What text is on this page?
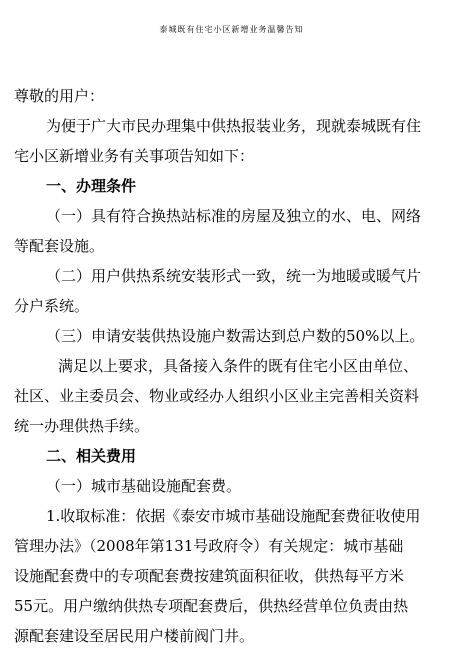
泰城既有住宅小区新增业务温馨告知
尊敬的用户：
为便于广大市民办理集中供热报装业务，现就泰城既有住
宅小区新增业务有关事项告知如下：
一、办理条件
（一）具有符合换热站标准的房屋及独立的水、电、网络
等配套设施。
（二）用户供热系统安装形式一致，统一为地暖或暖气片
分户系统。
（三）申请安装供热设施户数需达到总户数的50%以上。
满足以上要求，具备接入条件的既有住宅小区由单位、
社区、业主委员会、物业或经办人组织小区业主完善相关资料
统一办理供热手续。
二、相关费用
（一）城市基础设施配套费。
1.收取标准：依据《泰安市城市基础设施配套费征收使用
管理办法》（2008年第131号政府令）有关规定：城市基础
设施配套费中的专项配套费按建筑面积征收，供热每平方米
55元。用户缴纳供热专项配套费后，供热经营单位负责由热
源配套建设至居民用户楼前阀门井。
